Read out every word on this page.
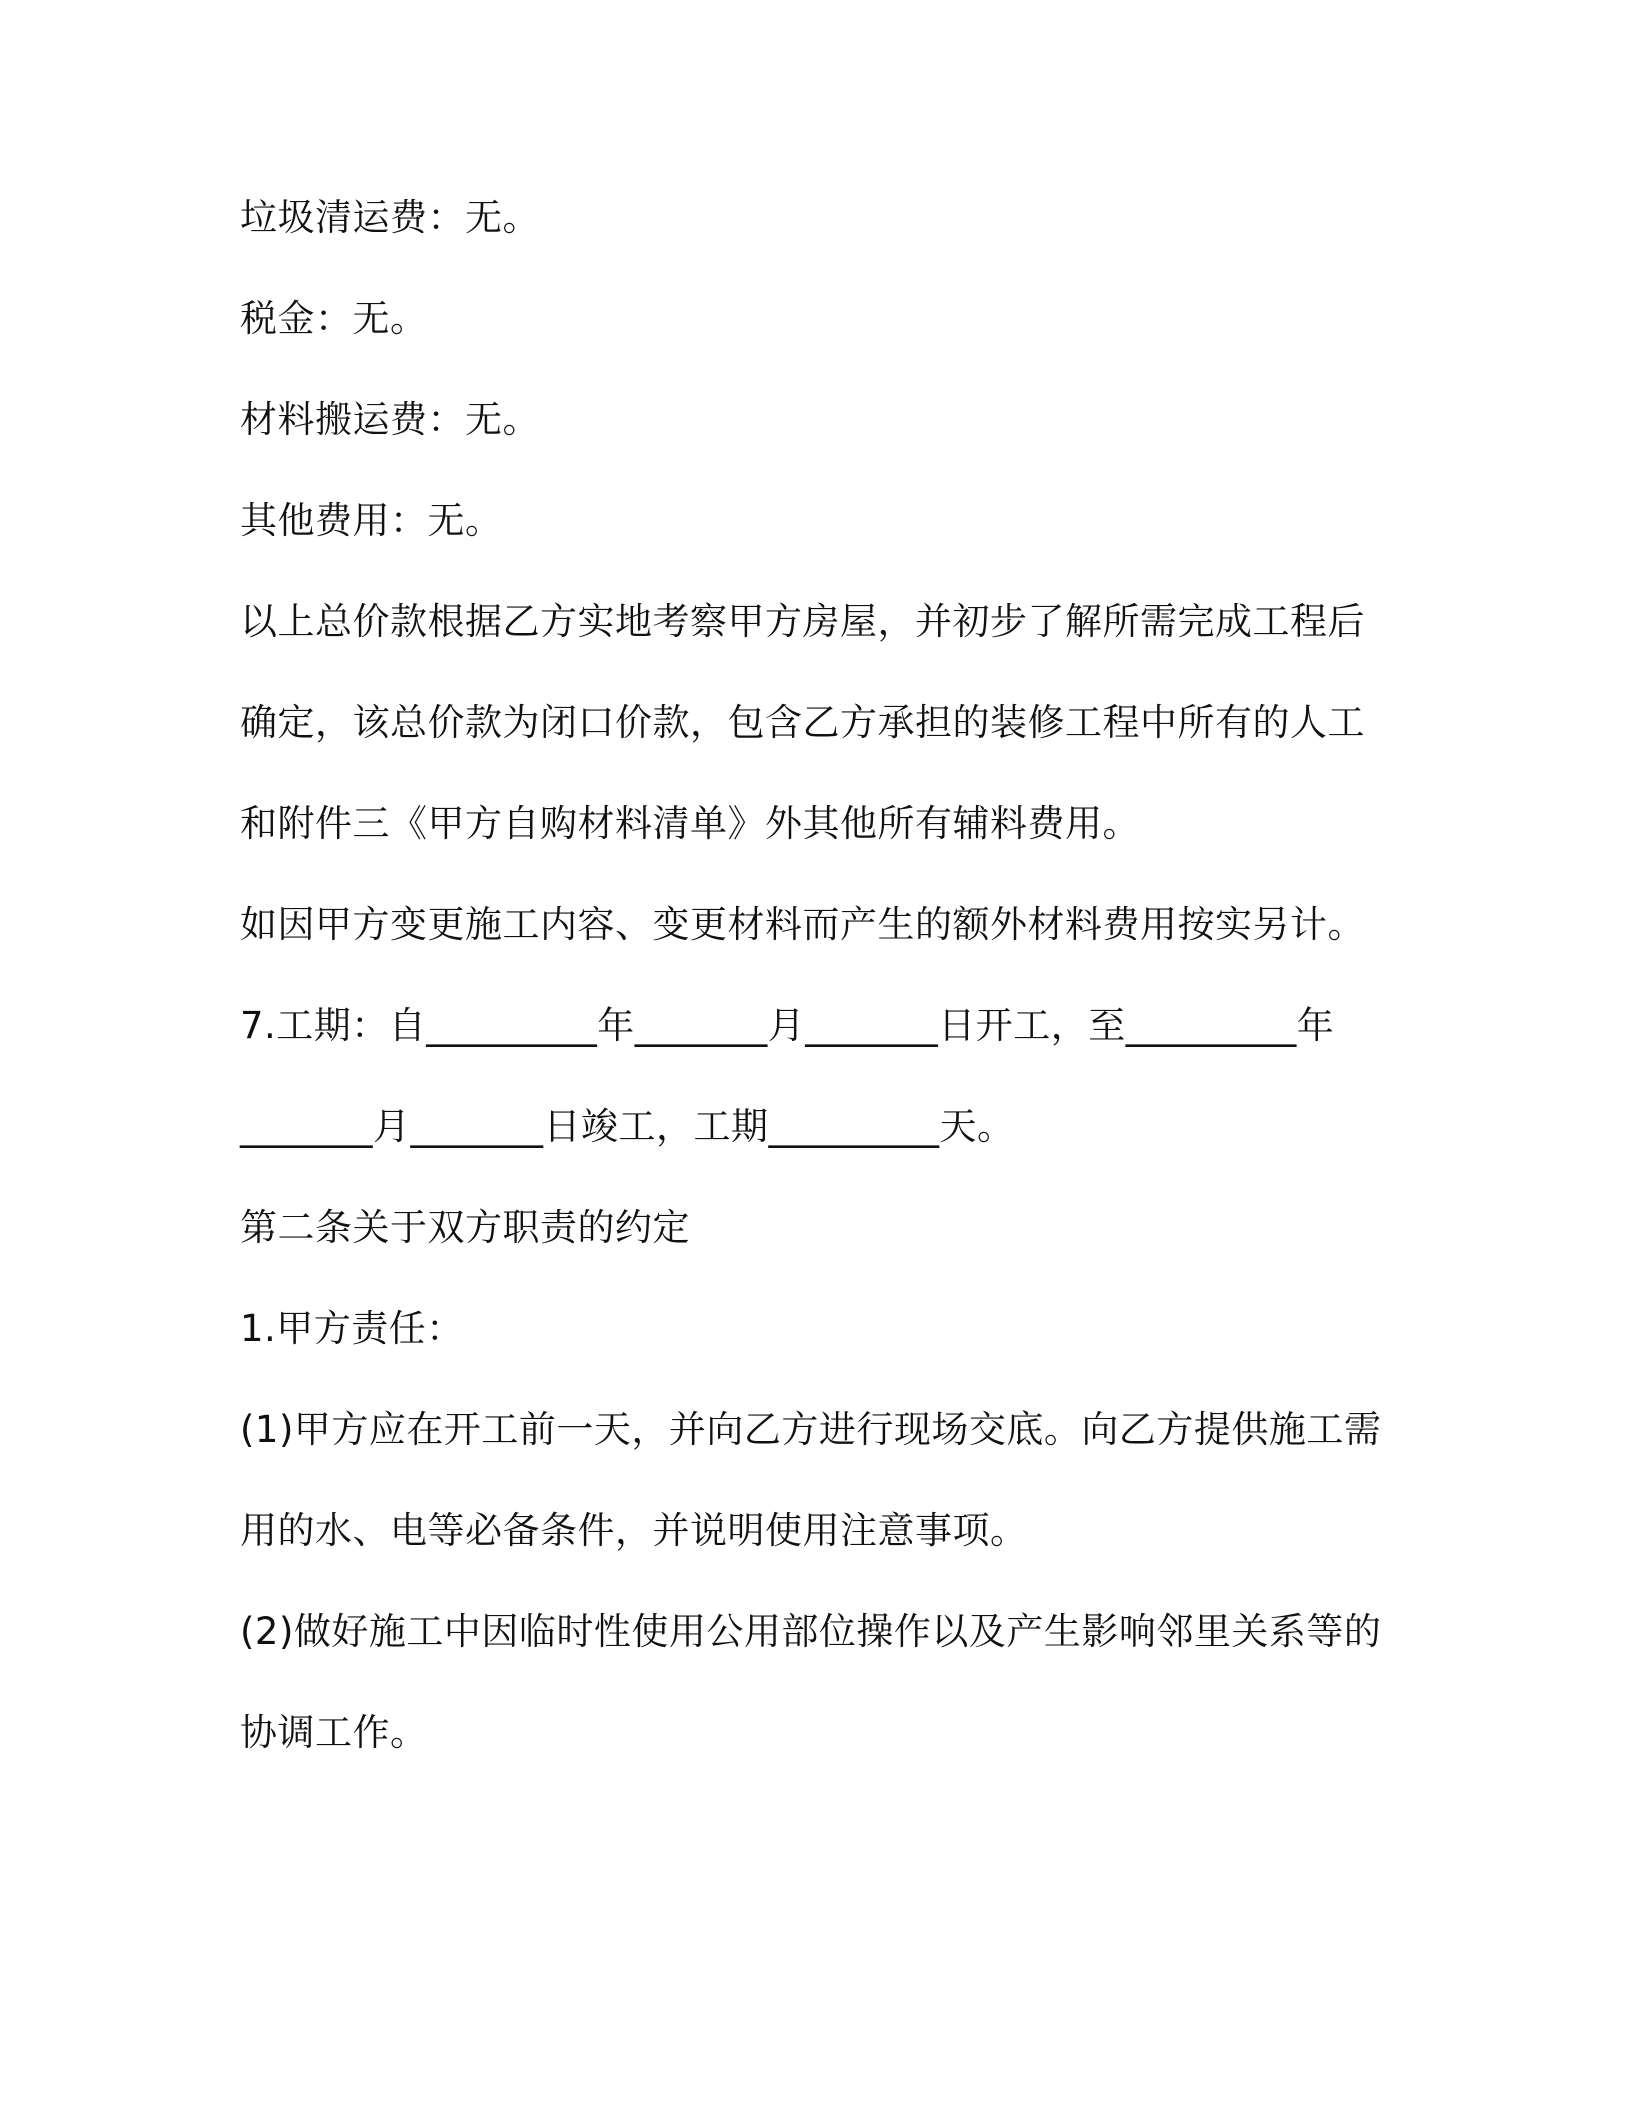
垃圾清运费：无。
税金：无。
材料搬运费：无。
其他费用：无。
以上总价款根据乙方实地考察甲方房屋，并初步了解所需完成工程后
确定，该总价款为闭口价款，包含乙方承担的装修工程中所有的人工
和附件三《甲方自购材料清单》外其他所有辅料费用。
如因甲方变更施工内容、变更材料而产生的额外材料费用按实另计。
7.工期：自_________年_______月_______日开工，至_________年
_______月_______日竣工，工期_________天。
第二条关于双方职责的约定
1.甲方责任：
(1)甲方应在开工前一天，并向乙方进行现场交底。向乙方提供施工需
用的水、电等必备条件，并说明使用注意事项。
(2)做好施工中因临时性使用公用部位操作以及产生影响邻里关系等的
协调工作。
